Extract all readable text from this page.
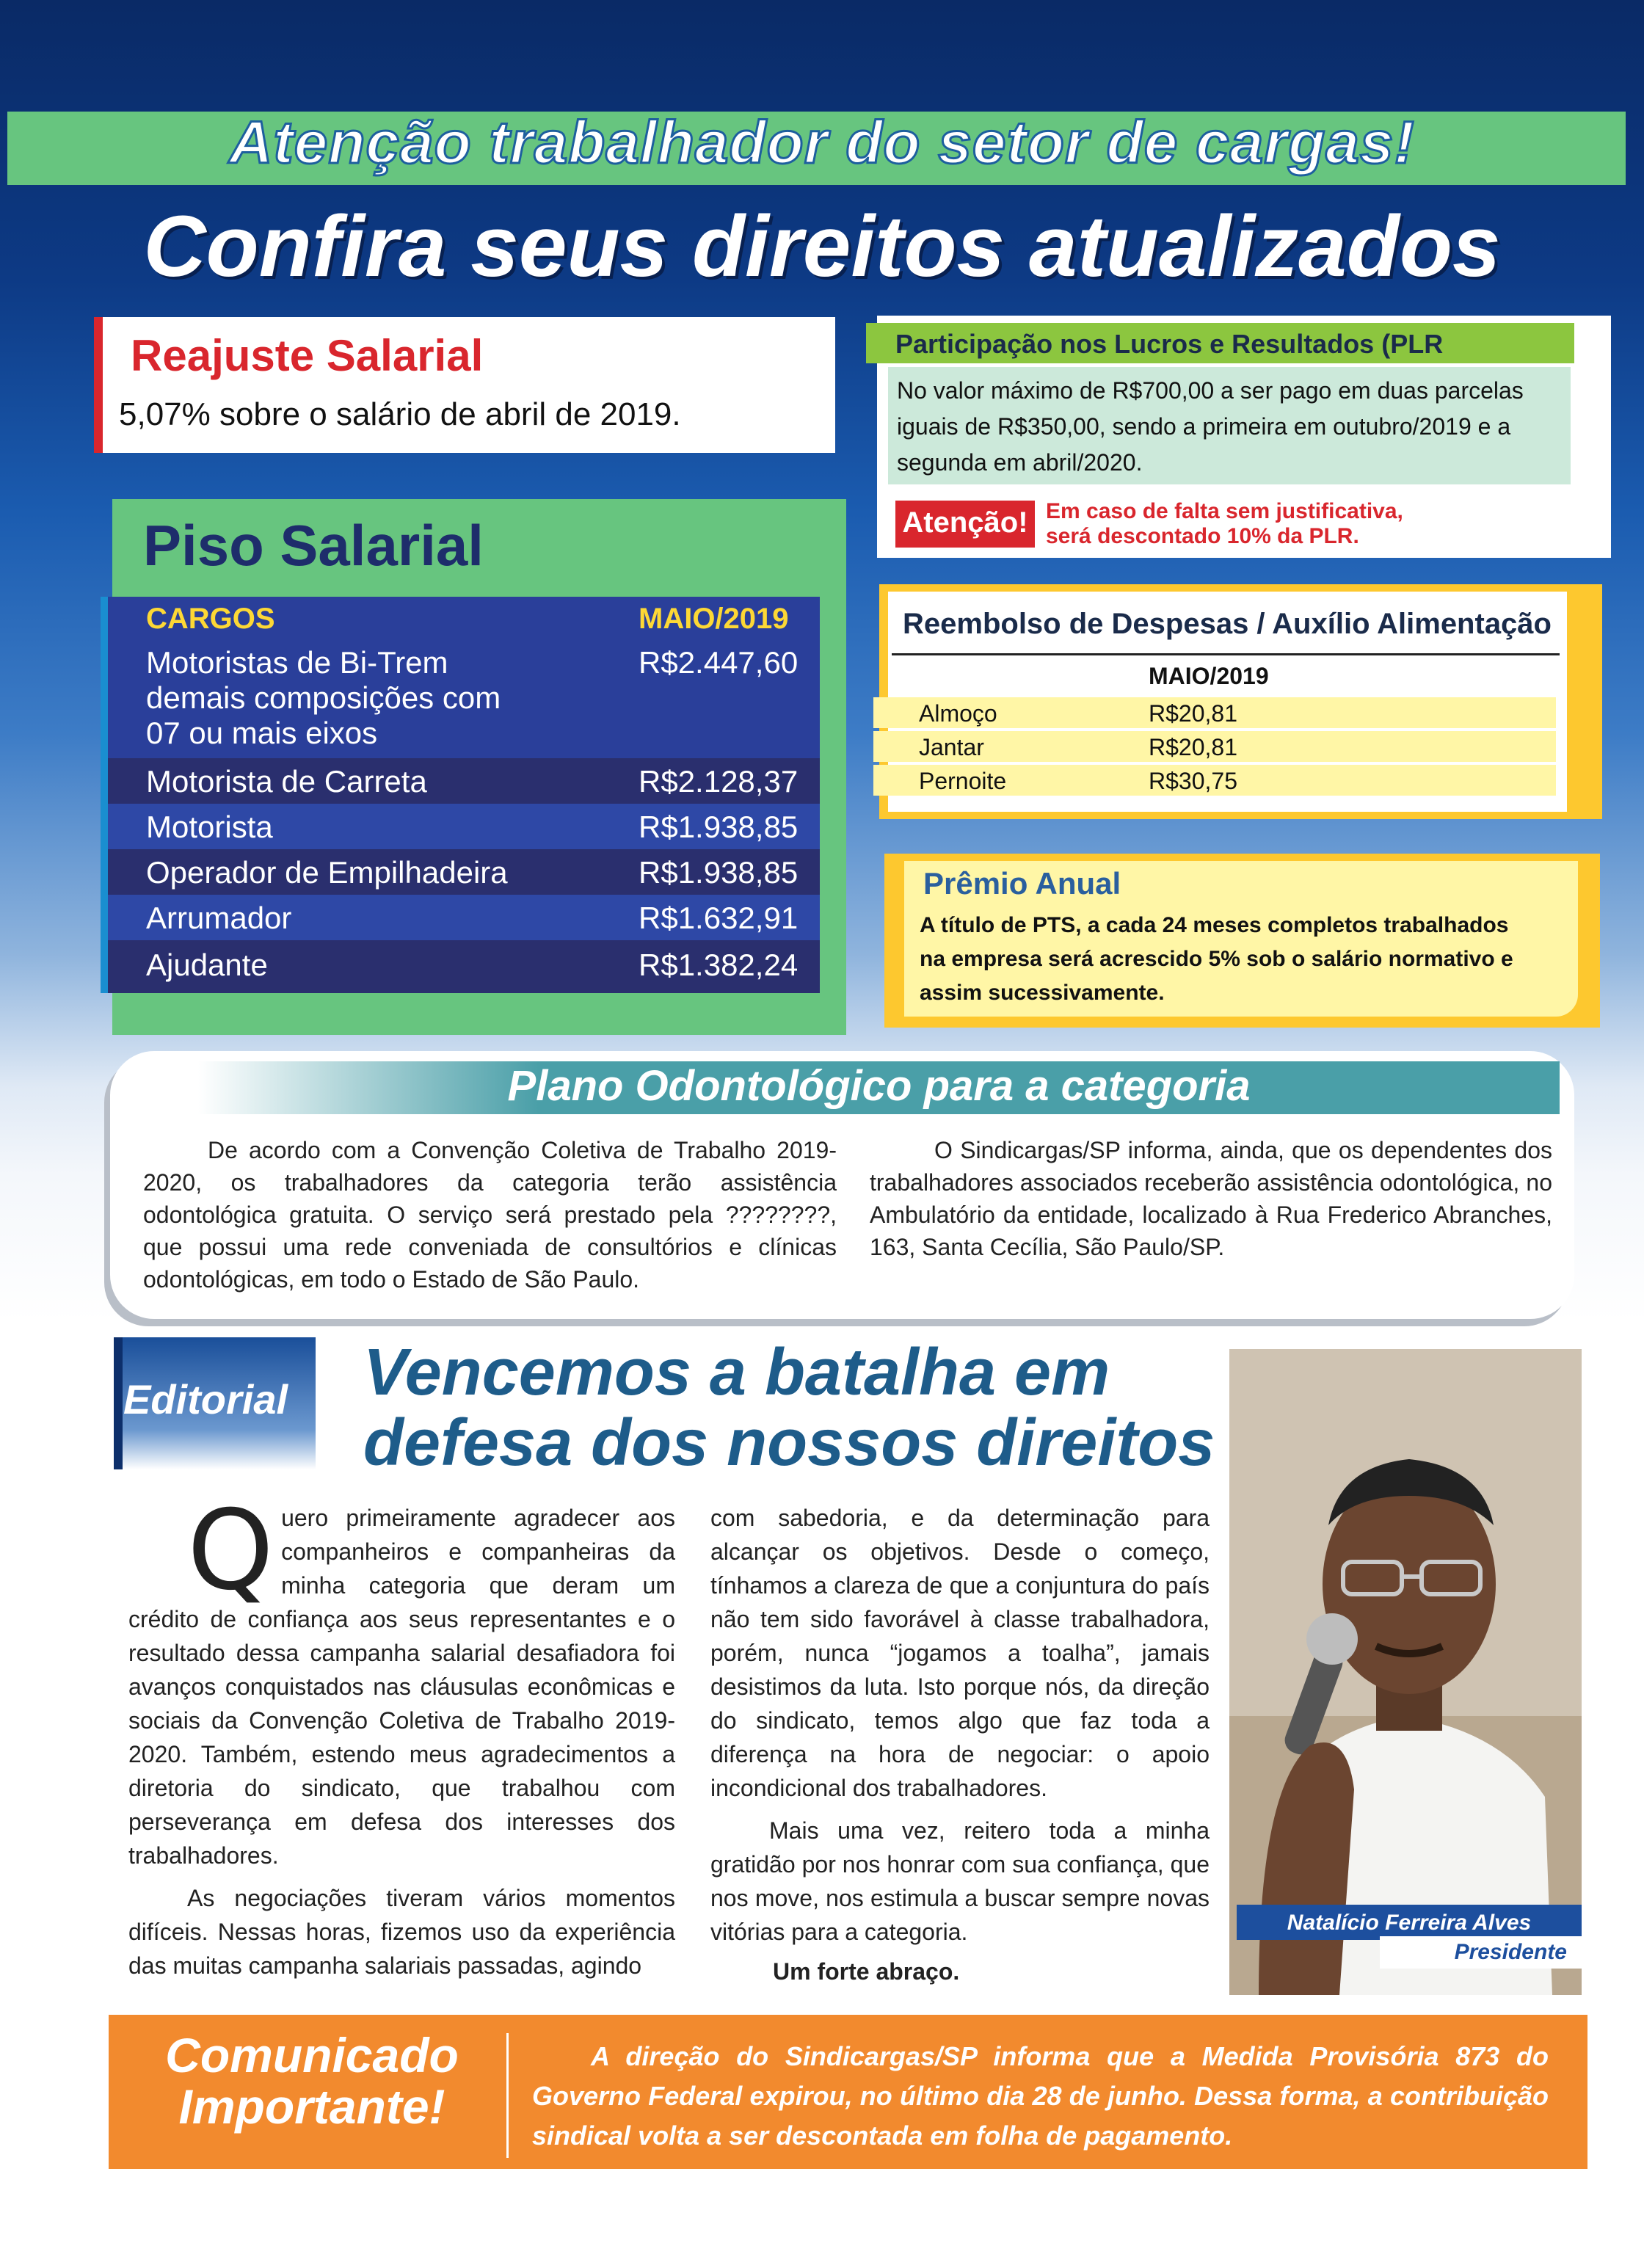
Atenção trabalhador do setor de cargas!
Confira seus direitos atualizados
Reajuste Salarial
5,07% sobre o salário de abril de 2019.
Participação nos Lucros e Resultados (PLR
No valor máximo de R$700,00 a ser pago em duas parcelas
iguais de R$350,00, sendo a primeira em outubro/2019 e a
segunda em abril/2020.
Atenção! Em caso de falta sem justificativa,
será descontado 10% da PLR.
Piso Salarial
CARGOS	MAIO/2019
Motoristas de Bi-Trem
demais composições com
07 ou mais eixos
R$2.447,60
Motorista de Carreta	R$2.128,37
Motorista	R$1.938,85
Operador de Empilhadeira	R$1.938,85
Arrumador	R$1.632,91
Ajudante	R$1.382,24
Reembolso de Despesas / Auxílio Alimentação
MAIO/2019
Almoço	R$20,81
Jantar	R$20,81
Pernoite	R$30,75
Prêmio Anual
A título de PTS, a cada 24 meses completos trabalhados
na empresa será acrescido 5% sob o salário normativo e
assim sucessivamente.
Plano Odontológico para a categoria
De acordo com a Convenção Coletiva de Trabalho 2019-2020, os trabalhadores da categoria terão assistência odontológica gratuita. O serviço será prestado pela ????????, que possui uma rede conveniada de consultórios e clínicas odontológicas, em todo o Estado de São Paulo.
O Sindicargas/SP informa, ainda, que os dependentes dos trabalhadores associados receberão assistência odontológica, no Ambulatório da entidade, localizado à Rua Frederico Abranches, 163, Santa Cecília, São Paulo/SP.
Editorial Vencemos a batalha em
defesa dos nossos direitos
Q uero primeiramente agradecer aos companheiros e companheiras da minha categoria que deram um crédito de confiança aos seus representantes e o resultado dessa campanha salarial desafiadora foi avanços conquistados nas cláusulas econômicas e sociais da Convenção Coletiva de Trabalho 2019-2020. Também, estendo meus agradecimentos a diretoria do sindicato, que trabalhou com perseverança em defesa dos interesses dos trabalhadores.
As negociações tiveram vários momentos difíceis. Nessas horas, fizemos uso da experiência das muitas campanha salariais passadas, agindo
com sabedoria, e da determinação para alcançar os objetivos. Desde o começo, tínhamos a clareza de que a conjuntura do país não tem sido favorável à classe trabalhadora, porém, nunca “jogamos a toalha”, jamais desistimos da luta. Isto porque nós, da direção do sindicato, temos algo que faz toda a diferença na hora de negociar: o apoio incondicional dos trabalhadores.
Mais uma vez, reitero toda a minha gratidão por nos honrar com sua confiança, que nos move, nos estimula a buscar sempre novas vitórias para a categoria.
Um forte abraço.
Natalício Ferreira Alves
Presidente
Comunicado
Importante!
A direção do Sindicargas/SP informa que a Medida Provisória 873 do Governo Federal expirou, no último dia 28 de junho. Dessa forma, a contribuição sindical volta a ser descontada em folha de pagamento.
